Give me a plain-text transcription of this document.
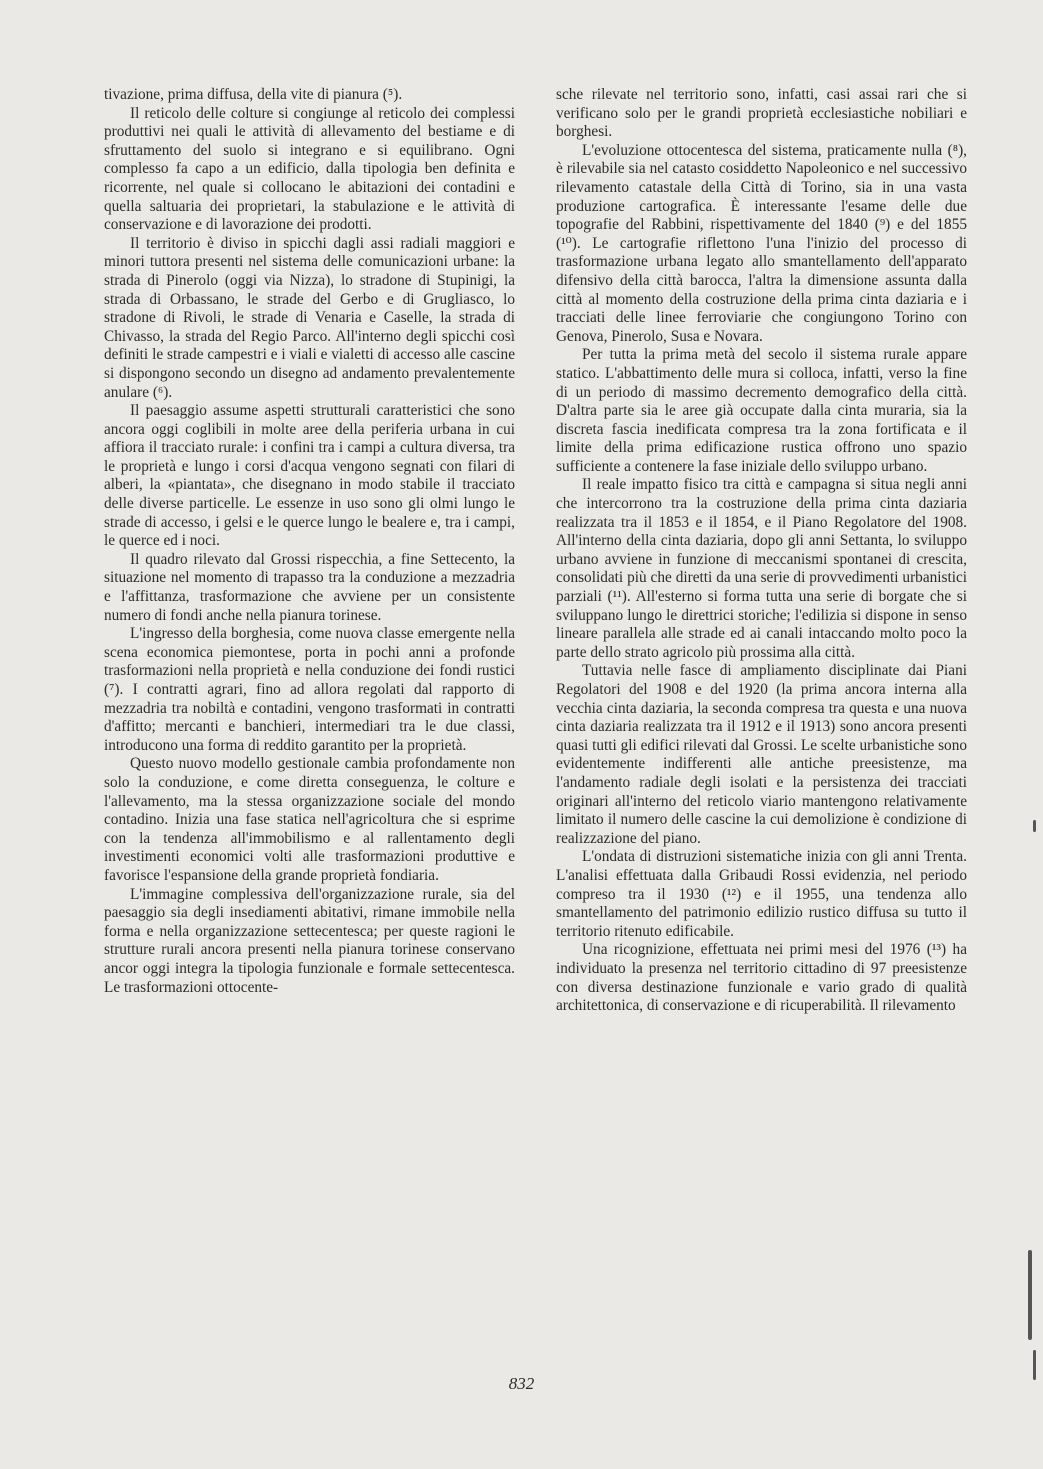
tivazione, prima diffusa, della vite di pianura (⁵).

Il reticolo delle colture si congiunge al reticolo dei complessi produttivi nei quali le attività di allevamento del bestiame e di sfruttamento del suolo si integrano e si equilibrano. Ogni complesso fa capo a un edificio, dalla tipologia ben definita e ricorrente, nel quale si collocano le abitazioni dei contadini e quella saltuaria dei proprietari, la stabulazione e le attività di conservazione e di lavorazione dei prodotti.

Il territorio è diviso in spicchi dagli assi radiali maggiori e minori tuttora presenti nel sistema delle comunicazioni urbane: la strada di Pinerolo (oggi via Nizza), lo stradone di Stupinigi, la strada di Orbassano, le strade del Gerbo e di Grugliasco, lo stradone di Rivoli, le strade di Venaria e Caselle, la strada di Chivasso, la strada del Regio Parco. All'interno degli spicchi così definiti le strade campestri e i viali e vialetti di accesso alle cascine si dispongono secondo un disegno ad andamento prevalentemente anulare (⁶).

Il paesaggio assume aspetti strutturali caratteristici che sono ancora oggi coglibili in molte aree della periferia urbana in cui affiora il tracciato rurale: i confini tra i campi a cultura diversa, tra le proprietà e lungo i corsi d'acqua vengono segnati con filari di alberi, la «piantata», che disegnano in modo stabile il tracciato delle diverse particelle. Le essenze in uso sono gli olmi lungo le strade di accesso, i gelsi e le querce lungo le bealere e, tra i campi, le querce ed i noci.

Il quadro rilevato dal Grossi rispecchia, a fine Settecento, la situazione nel momento di trapasso tra la conduzione a mezzadria e l'affittanza, trasformazione che avviene per un consistente numero di fondi anche nella pianura torinese.

L'ingresso della borghesia, come nuova classe emergente nella scena economica piemontese, porta in pochi anni a profonde trasformazioni nella proprietà e nella conduzione dei fondi rustici (⁷). I contratti agrari, fino ad allora regolati dal rapporto di mezzadria tra nobiltà e contadini, vengono trasformati in contratti d'affitto; mercanti e banchieri, intermediari tra le due classi, introducono una forma di reddito garantito per la proprietà.

Questo nuovo modello gestionale cambia profondamente non solo la conduzione, e come diretta conseguenza, le colture e l'allevamento, ma la stessa organizzazione sociale del mondo contadino. Inizia una fase statica nell'agricoltura che si esprime con la tendenza all'immobilismo e al rallentamento degli investimenti economici volti alle trasformazioni produttive e favorisce l'espansione della grande proprietà fondiaria.

L'immagine complessiva dell'organizzazione rurale, sia del paesaggio sia degli insediamenti abitativi, rimane immobile nella forma e nella organizzazione settecentesca; per queste ragioni le strutture rurali ancora presenti nella pianura torinese conservano ancor oggi integra la tipologia funzionale e formale settecentesca. Le trasformazioni ottocente-

sche rilevate nel territorio sono, infatti, casi assai rari che si verificano solo per le grandi proprietà ecclesiastiche nobiliari e borghesi.

L'evoluzione ottocentesca del sistema, praticamente nulla (⁸), è rilevabile sia nel catasto cosiddetto Napoleonico e nel successivo rilevamento catastale della Città di Torino, sia in una vasta produzione cartografica. È interessante l'esame delle due topografie del Rabbini, rispettivamente del 1840 (⁹) e del 1855 (¹⁰). Le cartografie riflettono l'una l'inizio del processo di trasformazione urbana legato allo smantellamento dell'apparato difensivo della città barocca, l'altra la dimensione assunta dalla città al momento della costruzione della prima cinta daziaria e i tracciati delle linee ferroviarie che congiungono Torino con Genova, Pinerolo, Susa e Novara.

Per tutta la prima metà del secolo il sistema rurale appare statico. L'abbattimento delle mura si colloca, infatti, verso la fine di un periodo di massimo decremento demografico della città. D'altra parte sia le aree già occupate dalla cinta muraria, sia la discreta fascia inedificata compresa tra la zona fortificata e il limite della prima edificazione rustica offrono uno spazio sufficiente a contenere la fase iniziale dello sviluppo urbano.

Il reale impatto fisico tra città e campagna si situa negli anni che intercorrono tra la costruzione della prima cinta daziaria realizzata tra il 1853 e il 1854, e il Piano Regolatore del 1908. All'interno della cinta daziaria, dopo gli anni Settanta, lo sviluppo urbano avviene in funzione di meccanismi spontanei di crescita, consolidati più che diretti da una serie di provvedimenti urbanistici parziali (¹¹). All'esterno si forma tutta una serie di borgate che si sviluppano lungo le direttrici storiche; l'edilizia si dispone in senso lineare parallela alle strade ed ai canali intaccando molto poco la parte dello strato agricolo più prossima alla città.

Tuttavia nelle fasce di ampliamento disciplinate dai Piani Regolatori del 1908 e del 1920 (la prima ancora interna alla vecchia cinta daziaria, la seconda compresa tra questa e una nuova cinta daziaria realizzata tra il 1912 e il 1913) sono ancora presenti quasi tutti gli edifici rilevati dal Grossi. Le scelte urbanistiche sono evidentemente indifferenti alle antiche preesistenze, ma l'andamento radiale degli isolati e la persistenza dei tracciati originari all'interno del reticolo viario mantengono relativamente limitato il numero delle cascine la cui demolizione è condizione di realizzazione del piano.

L'ondata di distruzioni sistematiche inizia con gli anni Trenta. L'analisi effettuata dalla Gribaudi Rossi evidenzia, nel periodo compreso tra il 1930 (¹²) e il 1955, una tendenza allo smantellamento del patrimonio edilizio rustico diffusa su tutto il territorio ritenuto edificabile.

Una ricognizione, effettuata nei primi mesi del 1976 (¹³) ha individuato la presenza nel territorio cittadino di 97 preesistenze con diversa destinazione funzionale e vario grado di qualità architettonica, di conservazione e di ricuperabilità. Il rilevamento

832
